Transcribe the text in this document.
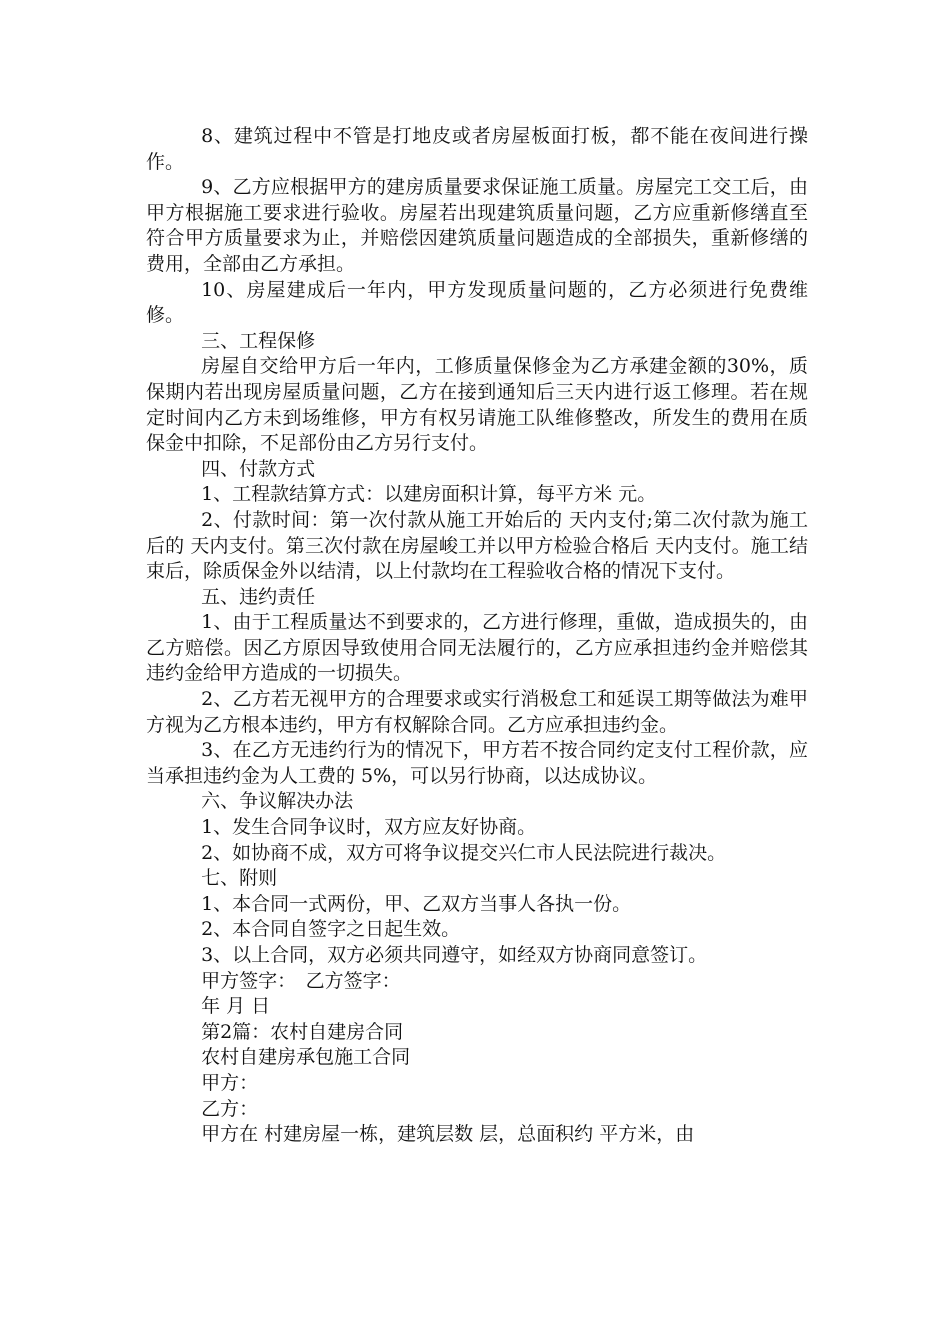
8、建筑过程中不管是打地皮或者房屋板面打板，都不能在夜间进行操作。

9、乙方应根据甲方的建房质量要求保证施工质量。房屋完工交工后，由甲方根据施工要求进行验收。房屋若出现建筑质量问题，乙方应重新修缮直至符合甲方质量要求为止，并赔偿因建筑质量问题造成的全部损失，重新修缮的费用，全部由乙方承担。

10、房屋建成后一年内，甲方发现质量问题的，乙方必须进行免费维修。

三、工程保修

房屋自交给甲方后一年内，工修质量保修金为乙方承建金额的30%，质保期内若出现房屋质量问题，乙方在接到通知后三天内进行返工修理。若在规定时间内乙方未到场维修，甲方有权另请施工队维修整改，所发生的费用在质保金中扣除，不足部份由乙方另行支付。

四、付款方式

1、工程款结算方式：以建房面积计算，每平方米 元。

2、付款时间：第一次付款从施工开始后的 天内支付;第二次付款为施工后的 天内支付。第三次付款在房屋峻工并以甲方检验合格后 天内支付。施工结束后，除质保金外以结清，以上付款均在工程验收合格的情况下支付。

五、违约责任

1、由于工程质量达不到要求的，乙方进行修理，重做，造成损失的，由乙方赔偿。因乙方原因导致使用合同无法履行的，乙方应承担违约金并赔偿其违约金给甲方造成的一切损失。

2、乙方若无视甲方的合理要求或实行消极怠工和延误工期等做法为难甲方视为乙方根本违约，甲方有权解除合同。乙方应承担违约金。

3、在乙方无违约行为的情况下，甲方若不按合同约定支付工程价款，应当承担违约金为人工费的 5%，可以另行协商，以达成协议。

六、争议解决办法

1、发生合同争议时，双方应友好协商。

2、如协商不成，双方可将争议提交兴仁市人民法院进行裁决。

七、附则

1、本合同一式两份，甲、乙双方当事人各执一份。

2、本合同自签字之日起生效。

3、以上合同，双方必须共同遵守，如经双方协商同意签订。

甲方签字：　乙方签字：

年 月 日

第2篇：农村自建房合同

农村自建房承包施工合同

甲方：

乙方：

甲方在 村建房屋一栋，建筑层数 层，总面积约 平方米，由
